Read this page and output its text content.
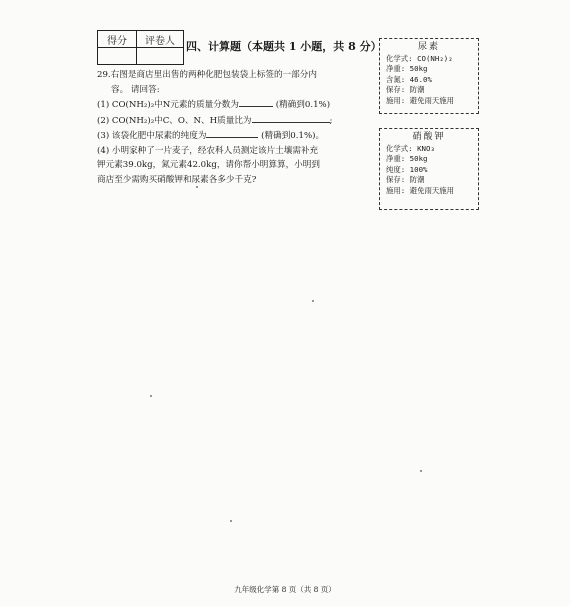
得分	评卷人
	四、计算题（本题共 1 小题，共 8 分）
29.右图是商店里出售的两种化肥包装袋上标签的一部分内
容。 请回答:
(1) CO(NH₂)₂中N元素的质量分数为	(精确到0.1%)
(2) CO(NH₂)₂中C、O、N、H质量比为	;
(3) 该袋化肥中尿素的纯度为	(精确到0.1%)。
(4) 小明家种了一片麦子，经农科人员测定该片土壤需补充
钾元素39.0kg，氮元素42.0kg，请你帮小明算算，小明到
商店至少需购买硝酸钾和尿素各多少千克?
尿素
化学式: CO(NH₂)₂
净重: 50kg
含氮: 46.0%
保存: 防潮
施用: 避免雨天施用
硝酸钾
化学式: KNO₃
净重: 50kg
纯度: 100%
保存: 防潮
施用: 避免雨天施用
九年级化学第 8 页（共 8 页）
